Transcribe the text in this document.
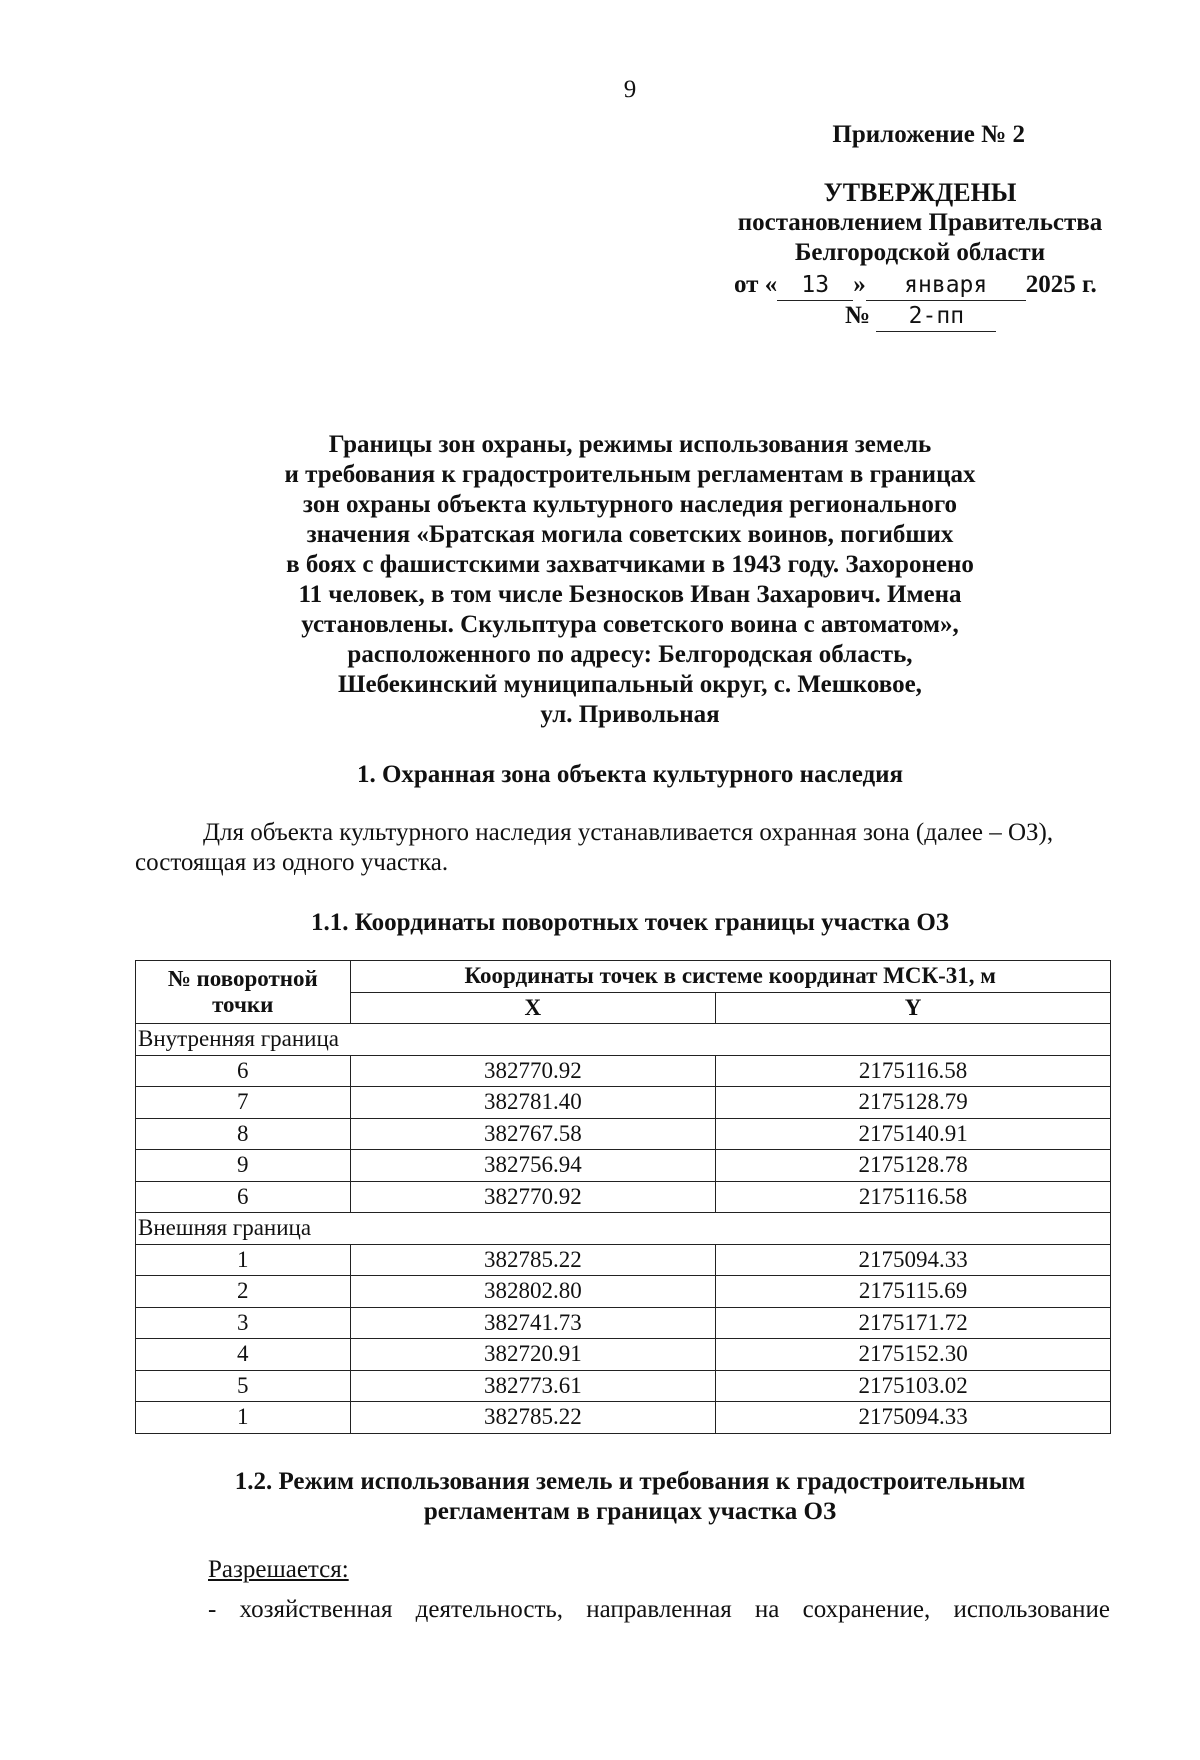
9
Приложение № 2
УТВЕРЖДЕНЫ
постановлением Правительства
Белгородской области
от « 13 » января 2025 г.
№ 2-пп
Границы зон охраны, режимы использования земель
и требования к градостроительным регламентам в границах
зон охраны объекта культурного наследия регионального
значения «Братская могила советских воинов, погибших
в боях с фашистскими захватчиками в 1943 году. Захоронено
11 человек, в том числе Безносков Иван Захарович. Имена
установлены. Скульптура советского воина с автоматом»,
расположенного по адресу: Белгородская область,
Шебекинский муниципальный округ, с. Мешковое,
ул. Привольная
1. Охранная зона объекта культурного наследия
Для объекта культурного наследия устанавливается охранная зона (далее – ОЗ), состоящая из одного участка.
1.1. Координаты поворотных точек границы участка ОЗ
№ поворотной
точки	Координаты точек в системе координат МСК-31, м	
	X	Y
Внутренняя граница		
6	382770.92	2175116.58
7	382781.40	2175128.79
8	382767.58	2175140.91
9	382756.94	2175128.78
6	382770.92	2175116.58
Внешняя граница		
1	382785.22	2175094.33
2	382802.80	2175115.69
3	382741.73	2175171.72
4	382720.91	2175152.30
5	382773.61	2175103.02
1	382785.22	2175094.33
1.2. Режим использования земель и требования к градостроительным
регламентам в границах участка ОЗ
Разрешается:
- хозяйственная деятельность, направленная на сохранение, использование
